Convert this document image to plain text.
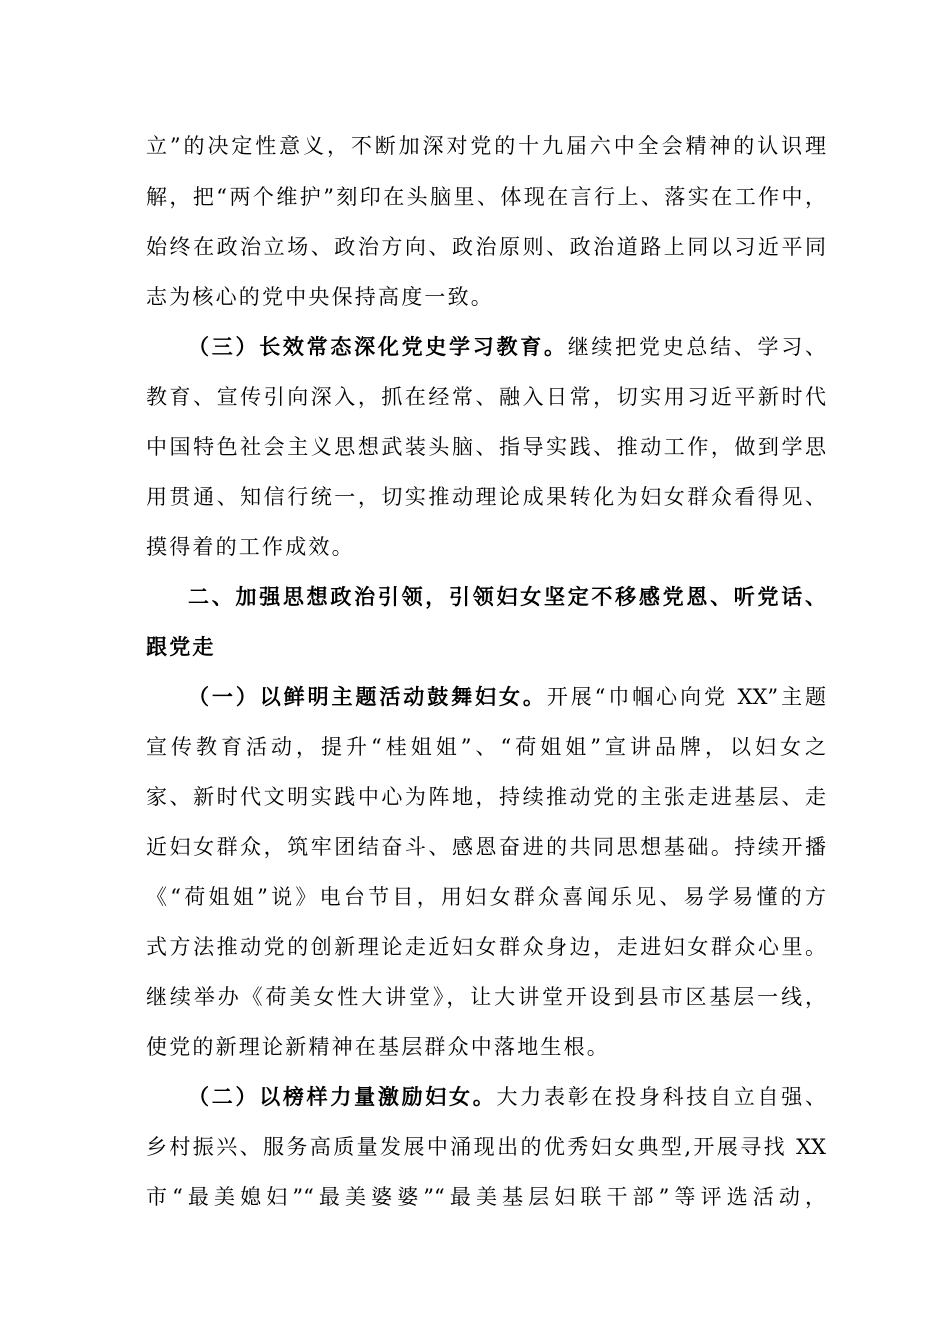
立”的决定性意义，不断加深对党的十九届六中全会精神的认识理
解，把“两个维护”刻印在头脑里、体现在言行上、落实在工作中，
始终在政治立场、政治方向、政治原则、政治道路上同以习近平同
志为核心的党中央保持高度一致。
（三）长效常态深化党史学习教育。继续把党史总结、学习、
教育、宣传引向深入，抓在经常、融入日常，切实用习近平新时代
中国特色社会主义思想武装头脑、指导实践、推动工作，做到学思
用贯通、知信行统一，切实推动理论成果转化为妇女群众看得见、
摸得着的工作成效。
二、加强思想政治引领，引领妇女坚定不移感党恩、听党话、
跟党走
（一）以鲜明主题活动鼓舞妇女。开展“巾帼心向党 XX”主题
宣传教育活动，提升“桂姐姐”、“荷姐姐”宣讲品牌，以妇女之
家、新时代文明实践中心为阵地，持续推动党的主张走进基层、走
近妇女群众，筑牢团结奋斗、感恩奋进的共同思想基础。持续开播
《“荷姐姐”说》电台节目，用妇女群众喜闻乐见、易学易懂的方
式方法推动党的创新理论走近妇女群众身边，走进妇女群众心里。
继续举办《荷美女性大讲堂》，让大讲堂开设到县市区基层一线，
使党的新理论新精神在基层群众中落地生根。
（二）以榜样力量激励妇女。大力表彰在投身科技自立自强、
乡村振兴、服务高质量发展中涌现出的优秀妇女典型,开展寻找 XX
市“最美媳妇”“最美婆婆”“最美基层妇联干部”等评选活动，
